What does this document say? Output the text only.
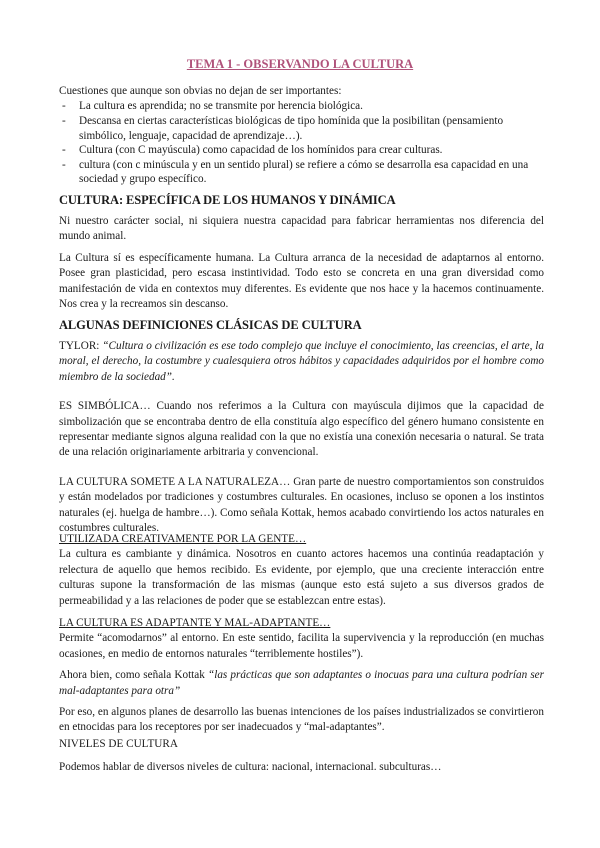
TEMA 1 - OBSERVANDO LA CULTURA

Cuestiones que aunque son obvias no dejan de ser importantes:

- La cultura es aprendida; no se transmite por herencia biológica.
- Descansa en ciertas características biológicas de tipo homínida que la posibilitan (pensamiento simbólico, lenguaje, capacidad de aprendizaje…).
- Cultura (con C mayúscula) como capacidad de los homínidos para crear culturas.
- cultura (con c minúscula y en un sentido plural) se refiere a cómo se desarrolla esa capacidad en una sociedad y grupo específico.
CULTURA: ESPECÍFICA DE LOS HUMANOS Y DINÁMICA

Ni nuestro carácter social, ni siquiera nuestra capacidad para fabricar herramientas nos diferencia del mundo animal.

La Cultura sí es específicamente humana. La Cultura arranca de la necesidad de adaptarnos al entorno. Posee gran plasticidad, pero escasa instintividad. Todo esto se concreta en una gran diversidad como manifestación de vida en contextos muy diferentes. Es evidente que nos hace y la hacemos continuamente. Nos crea y la recreamos sin descanso.

ALGUNAS DEFINICIONES CLÁSICAS DE CULTURA

TYLOR: “Cultura o civilización es ese todo complejo que incluye el conocimiento, las creencias, el arte, la moral, el derecho, la costumbre y cualesquiera otros hábitos y capacidades adquiridos por el hombre como miembro de la sociedad”.

ES SIMBÓLICA… Cuando nos referimos a la Cultura con mayúscula dijimos que la capacidad de simbolización que se encontraba dentro de ella constituía algo específico del género humano consistente en representar mediante signos alguna realidad con la que no existía una conexión necesaria o natural. Se trata de una relación originariamente arbitraria y convencional.

LA CULTURA SOMETE A LA NATURALEZA… Gran parte de nuestro comportamientos son construidos y están modelados por tradiciones y costumbres culturales. En ocasiones, incluso se oponen a los instintos naturales (ej. huelga de hambre…). Como señala Kottak, hemos acabado convirtiendo los actos naturales en costumbres culturales.

UTILIZADA CREATIVAMENTE POR LA GENTE…

La cultura es cambiante y dinámica. Nosotros en cuanto actores hacemos una continúa readaptación y relectura de aquello que hemos recibido. Es evidente, por ejemplo, que una creciente interacción entre culturas supone la transformación de las mismas (aunque esto está sujeto a sus diversos grados de permeabilidad y a las relaciones de poder que se establezcan entre estas).

LA CULTURA ES ADAPTANTE Y MAL-ADAPTANTE…

Permite “acomodarnos” al entorno. En este sentido, facilita la supervivencia y la reproducción (en muchas ocasiones, en medio de entornos naturales “terriblemente hostiles”).

Ahora bien, como señala Kottak “las prácticas que son adaptantes o inocuas para una cultura podrían ser mal-adaptantes para otra”

Por eso, en algunos planes de desarrollo las buenas intenciones de los países industrializados se convirtieron en etnocidas para los receptores por ser inadecuados y “mal-adaptantes”.

NIVELES DE CULTURA

Podemos hablar de diversos niveles de cultura: nacional, internacional. subculturas…
